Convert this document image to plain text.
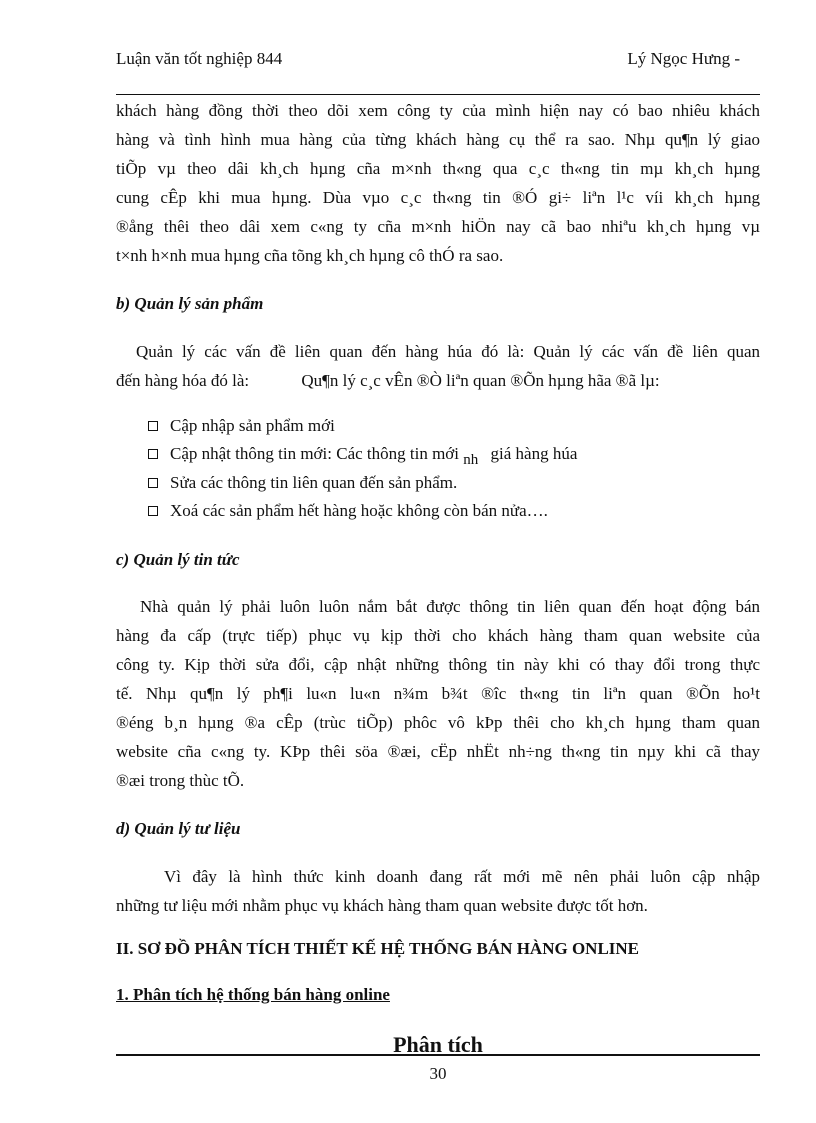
Luận văn tốt nghiệp 844	Lý Ngọc Hưng -

khách hàng đồng thời theo dõi xem công ty của mình hiện nay có bao nhiêu khách
hàng và tình hình mua hàng của từng khách hàng cụ thể ra sao. Nhµ qu¶n lý giao
tiÕp vµ theo dâi kh¸ch hµng cña m×nh th«ng qua c¸c th«ng tin mµ kh¸ch hµng
cung cÊp khi mua hµng. Dùa vµo c¸c th«ng tin ®Ó gi÷ liªn l¹c víi kh¸ch hµng
®ång thêi theo dâi xem c«ng ty cña m×nh hiÖn nay cã bao nhiªu kh¸ch hµng vµ
t×nh h×nh mua hµng cña tõng kh¸ch hµng cô thÓ ra sao.

b) Quản lý sản phẩm

Quản lý các vấn đề liên quan đến hàng húa đó là: Quản lý các vấn đề liên quan
đến hàng hóa đó là:	Qu¶n lý c¸c vÊn ®Ò liªn quan ®Õn hµng hãa ®ã lµ:

Cập nhập sản phẩm mới
Cập nhật thông tin mới: Các thông tin mới nh giá hàng húa
Sửa các thông tin liên quan đến sản phẩm.
Xoá các sản phẩm hết hàng hoặc không còn bán nửa….
c) Quản lý tin tức

Nhà quản lý phải luôn luôn nắm bắt được thông tin liên quan đến hoạt động bán
hàng đa cấp (trực tiếp) phục vụ kịp thời cho khách hàng tham quan website của
công ty. Kịp thời sửa đổi, cập nhật những thông tin này khi có thay đổi trong thực
tế. Nhµ qu¶n lý ph¶i lu«n lu«n n¾m b¾t ®îc th«ng tin liªn quan ®Õn ho¹t
®éng b¸n hµng ®a cÊp (trùc tiÕp) phôc vô kÞp thêi cho kh¸ch hµng tham quan
website cña c«ng ty. KÞp thêi söa ®æi, cËp nhËt nh÷ng th«ng tin nµy khi cã thay
®æi trong thùc tÕ.

d) Quản lý tư liệu

Vì đây là hình thức kinh doanh đang rất mới mẽ nên phải luôn cập nhập
những tư liệu mới nhằm phục vụ khách hàng tham quan website được tốt hơn.

II. SƠ ĐỒ PHÂN TÍCH THIẾT KẾ HỆ THỐNG BÁN HÀNG ONLINE
1. Phân tích hệ thống bán hàng online
Phân tích
30
